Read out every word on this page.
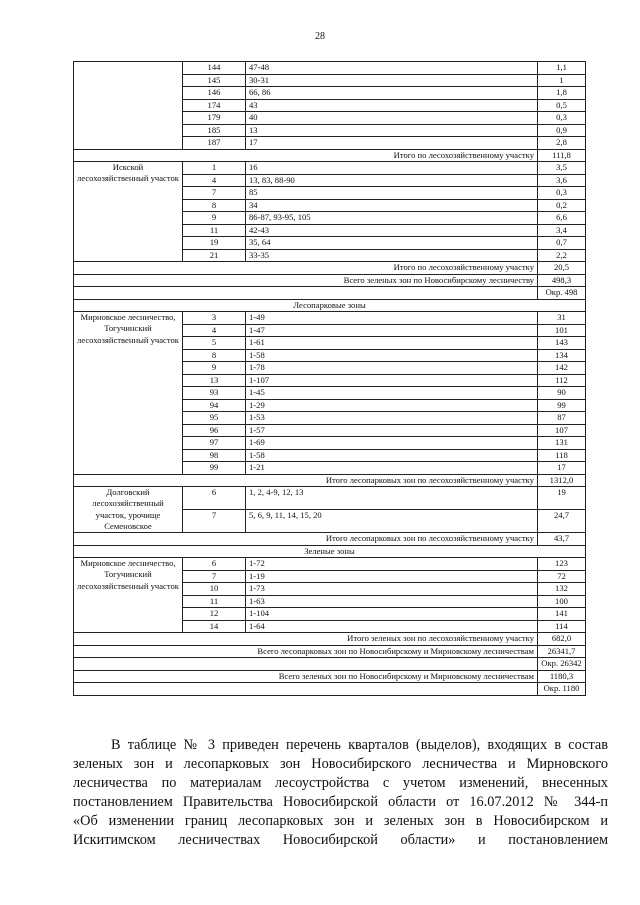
28
	144	47-48	1,1
	145	30-31	1
	146	66, 86	1,8
	174	43	0,5
	179	40	0,3
	185	13	0,9
	187	17	2,8
Итого по лесохозяйственному участку			111,8
Искской лесохозяйственный участок	1	16	3,5
	4	13, 83, 88-90	3,6
	7	85	0,3
	8	34	0,2
	9	86-87, 93-95, 105	6,6
	11	42-43	3,4
	19	35, 64	0,7
	21	33-35	2,2
Итого по лесохозяйственному участку			20,5
Всего зеленых зон по Новосибирскому лесничеству			498,3
			Окр. 498
Лесопарковые зоны			
Мирновское лесничество, Тогучинский лесохозяйственный участок	3	1-49	31
	4	1-47	101
	5	1-61	143
	8	1-58	134
	9	1-78	142
	13	1-107	112
	93	1-45	90
	94	1-29	99
	95	1-53	87
	96	1-57	107
	97	1-69	131
	98	1-58	118
	99	1-21	17
Итого лесопарковых зон по лесохозяйственному участку			1312,0
Долговский лесохозяйственный участок, урочище Семеновское	6	1, 2, 4-9, 12, 13	19
	7	5, 6, 9, 11, 14, 15, 20	24,7
Итого лесопарковых зон по лесохозяйственному участку			43,7
Зеленые зоны			
Мирновское лесничество, Тогучинский лесохозяйственный участок	6	1-72	123
	7	1-19	72
	10	1-73	132
	11	1-63	100
	12	1-104	141
	14	1-64	114
Итого зеленых зон по лесохозяйственному участку			682,0
Всего лесопарковых зон по Новосибирскому и Мирновскому лесничествам			26341,7
			Окр. 26342
Всего зеленых зон по Новосибирскому и Мирновскому лесничествам			1180,3
			Окр. 1180
В таблице № 3 приведен перечень кварталов (выделов), входящих в состав
зеленых зон и лесопарковых зон Новосибирского лесничества и Мирновского
лесничества по материалам лесоустройства с учетом изменений, внесенных
постановлением Правительства Новосибирской области от 16.07.2012 № 344-п
«Об изменении границ лесопарковых зон и зеленых зон в Новосибирском и
Искитимском лесничествах Новосибирской области» и постановлением
